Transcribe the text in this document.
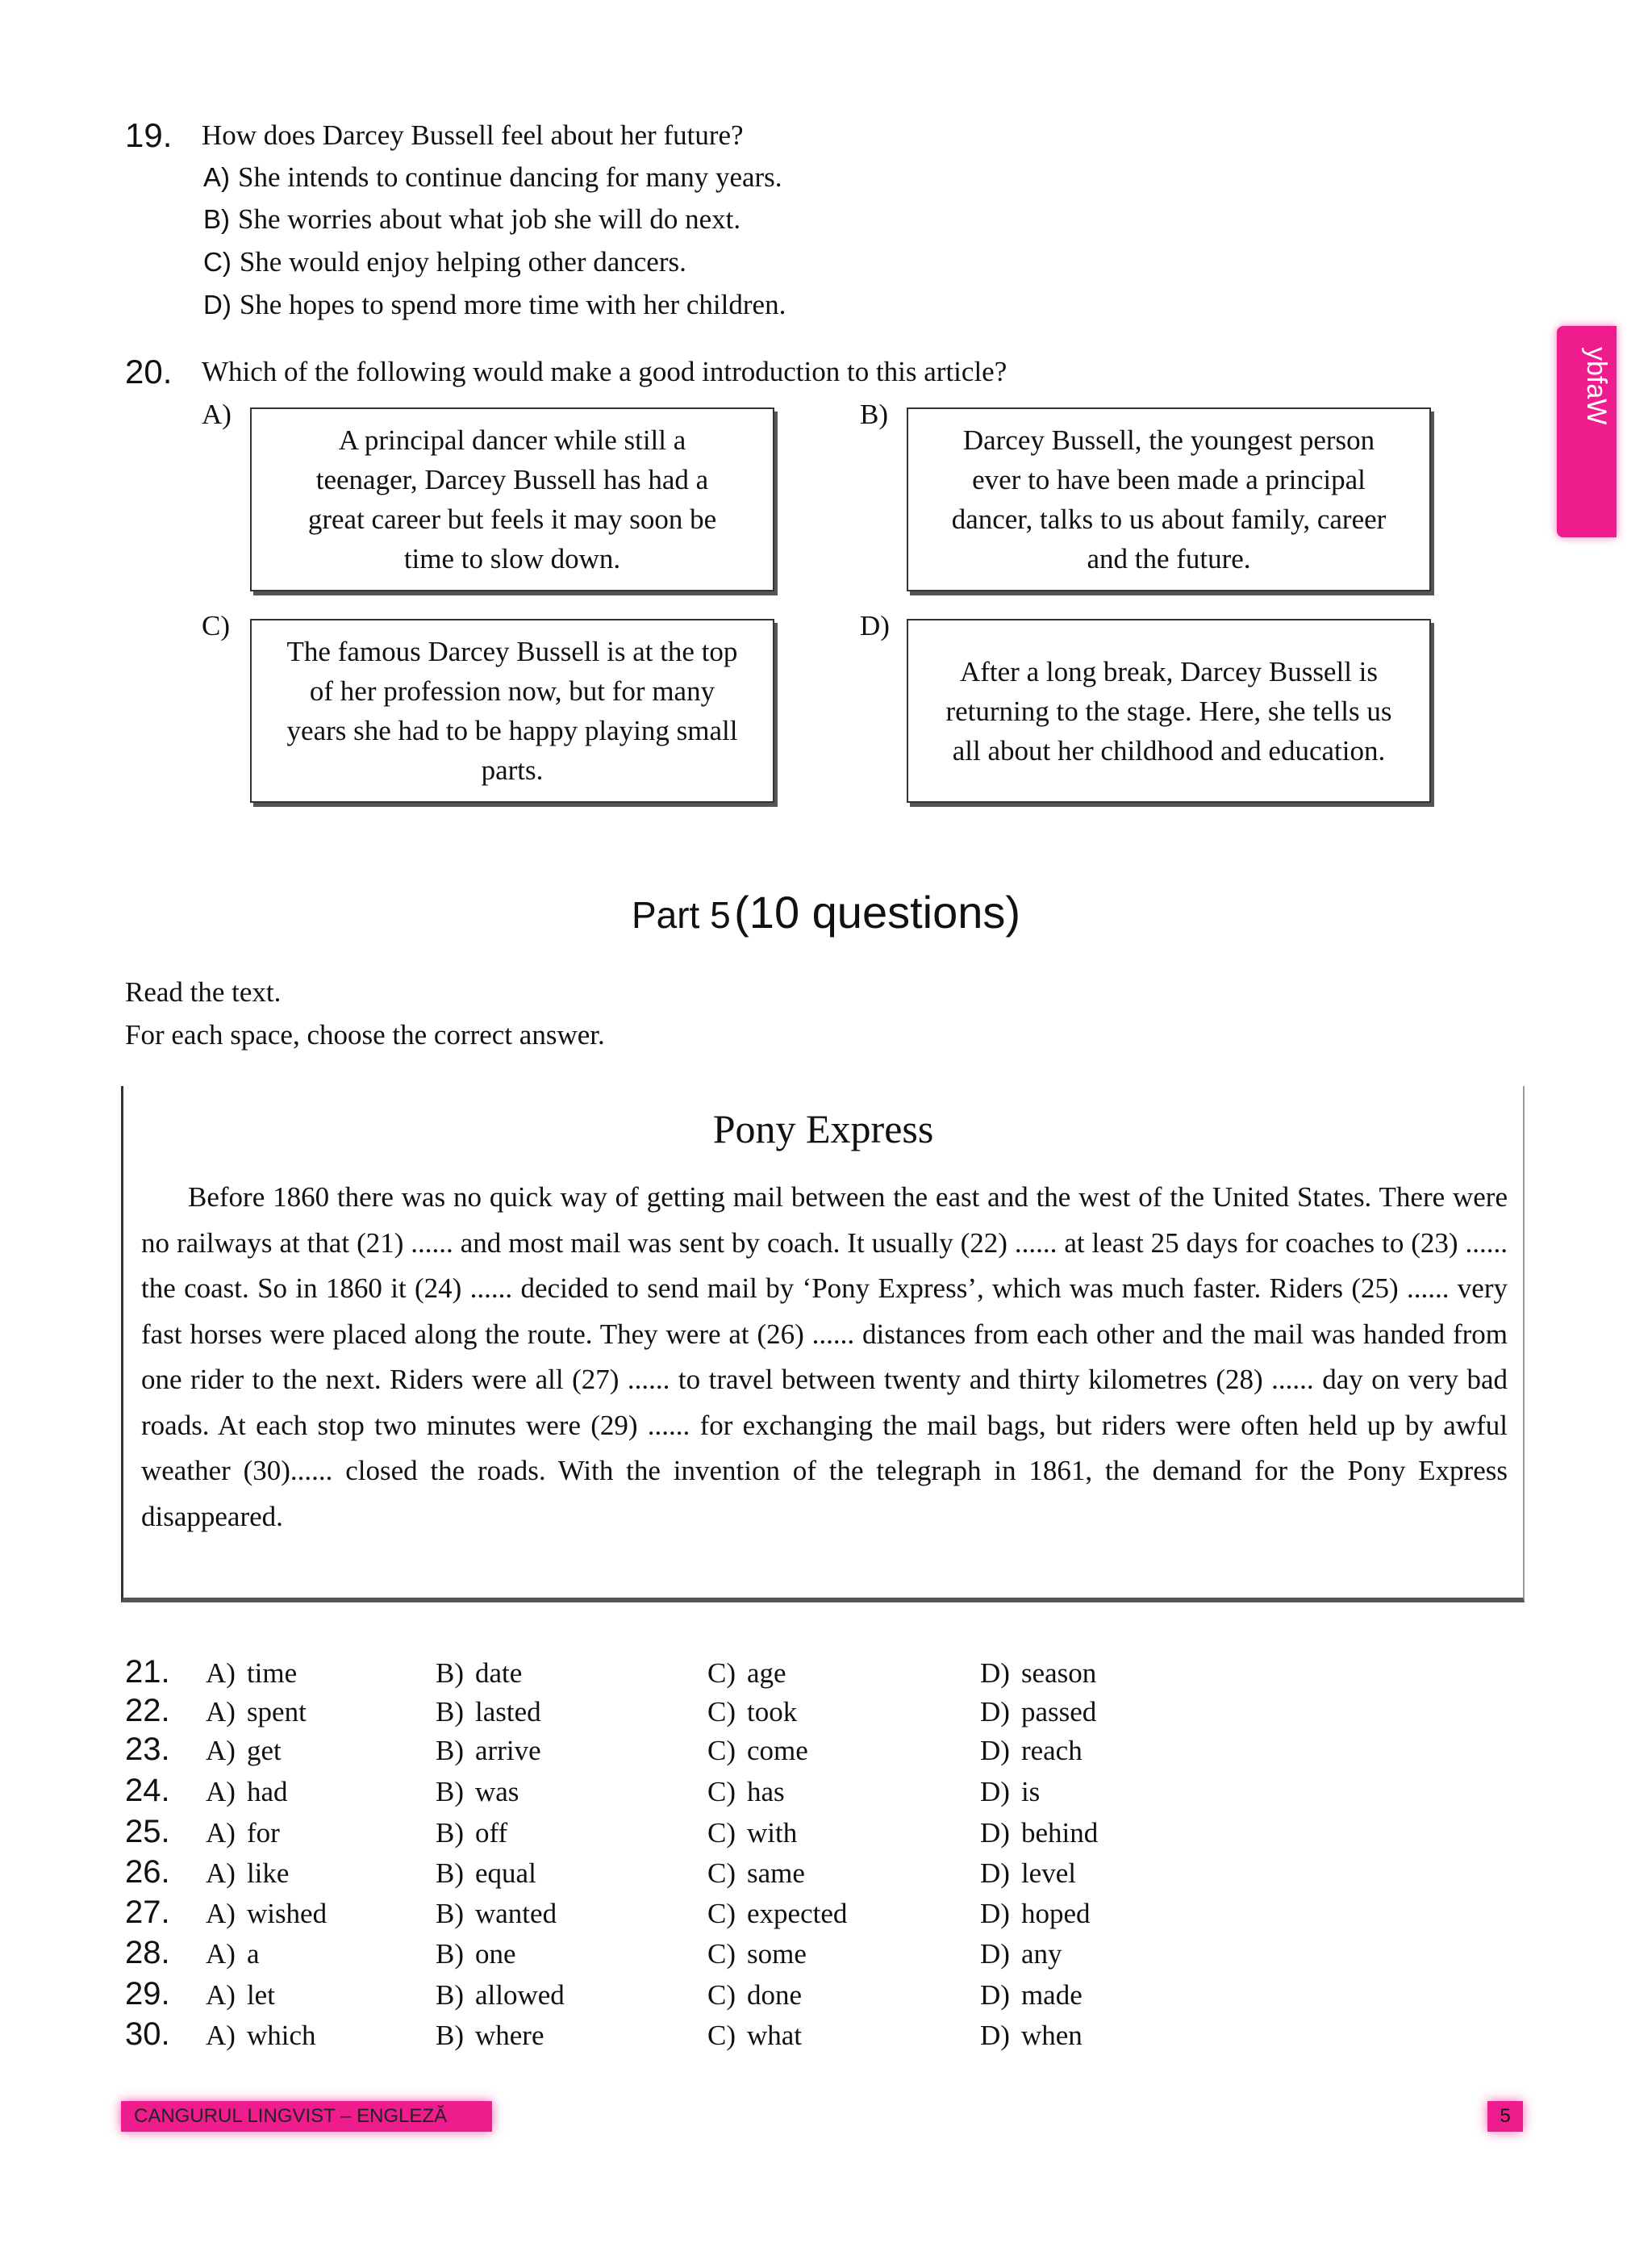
19. How does Darcey Bussell feel about her future?
A) She intends to continue dancing for many years.
B) She worries about what job she will do next.
C) She would enjoy helping other dancers.
D) She hopes to spend more time with her children.
20. Which of the following would make a good introduction to this article?
A)

A principal dancer while still a teenager, Darcey Bussell has had a great career but feels it may soon be time to slow down.

B)

Darcey Bussell, the youngest person ever to have been made a principal dancer, talks to us about family, career and the future.

C)

The famous Darcey Bussell is at the top of her profession now, but for many years she had to be happy playing small parts.

D)

After a long break, Darcey Bussell is returning to the stage. Here, she tells us all about her childhood and education.

Part 5 (10 questions)
Read the text.
For each space, choose the correct answer.
Pony Express
Before 1860 there was no quick way of getting mail between the east and the west of the United States. There were no railways at that (21) ...... and most mail was sent by coach. It usually (22) ...... at least 25 days for coaches to (23) ...... the coast. So in 1860 it (24) ...... decided to send mail by ‘Pony Express’, which was much faster. Riders (25) ...... very fast horses were placed along the route. They were at (26) ...... distances from each other and the mail was handed from one rider to the next. Riders were all (27) ...... to travel between twenty and thirty kilometres (28) ...... day on very bad roads. At each stop two minutes were (29) ...... for exchanging the mail bags, but riders were often held up by awful weather (30)...... closed the roads. With the invention of the telegraph in 1861, the demand for the Pony Express disappeared.
21. A) time	B) date	C) age	D) season
22. A) spent	B) lasted	C) took	D) passed
23. A) get	B) arrive	C) come	D) reach
24. A) had	B) was	C) has	D) is
25. A) for	B) off	C) with	D) behind
26. A) like	B) equal	C) same	D) level
27. A) wished	B) wanted	C) expected	D) hoped
28. A) a	B) one	C) some	D) any
29. A) let	B) allowed	C) done	D) made
30. A) which	B) where	C) what	D) when
ybfaW
CANGURUL LINGVIST – ENGLEZĂ	5
